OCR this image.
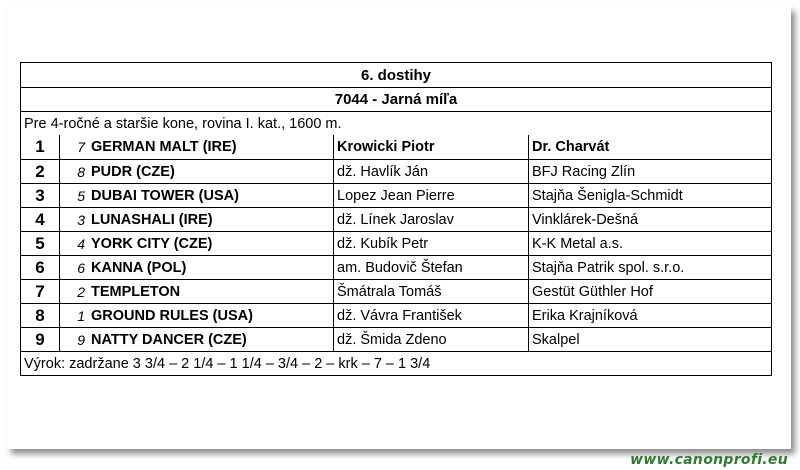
6. dostihy
7044 - Jarná míľa
Pre 4-ročné a staršie kone, rovina I. kat., 1600 m.
1	7 GERMAN MALT (IRE)	Krowicki Piotr	Dr. Charvát
2	8 PUDR (CZE)	dž. Havlík Ján	BFJ Racing Zlín
3	5 DUBAI TOWER (USA)	Lopez Jean Pierre	Stajňa Šenigla-Schmidt
4	3 LUNASHALI (IRE)	dž. Línek Jaroslav	Vinklárek-Dešná
5	4 YORK CITY (CZE)	dž. Kubík Petr	K-K Metal a.s.
6	6 KANNA (POL)	am. Budovič Štefan	Stajňa Patrik spol. s.r.o.
7	2 TEMPLETON	Šmátrala Tomáš	Gestüt Güthler Hof
8	1 GROUND RULES (USA)	dž. Vávra František	Erika Krajníková
9	9 NATTY DANCER (CZE)	dž. Šmida Zdeno	Skalpel
Výrok: zadržane 3 3/4 – 2 1/4 – 1 1/4 – 3/4 – 2 – krk – 7 – 1 3/4
www.canonprofi.eu
